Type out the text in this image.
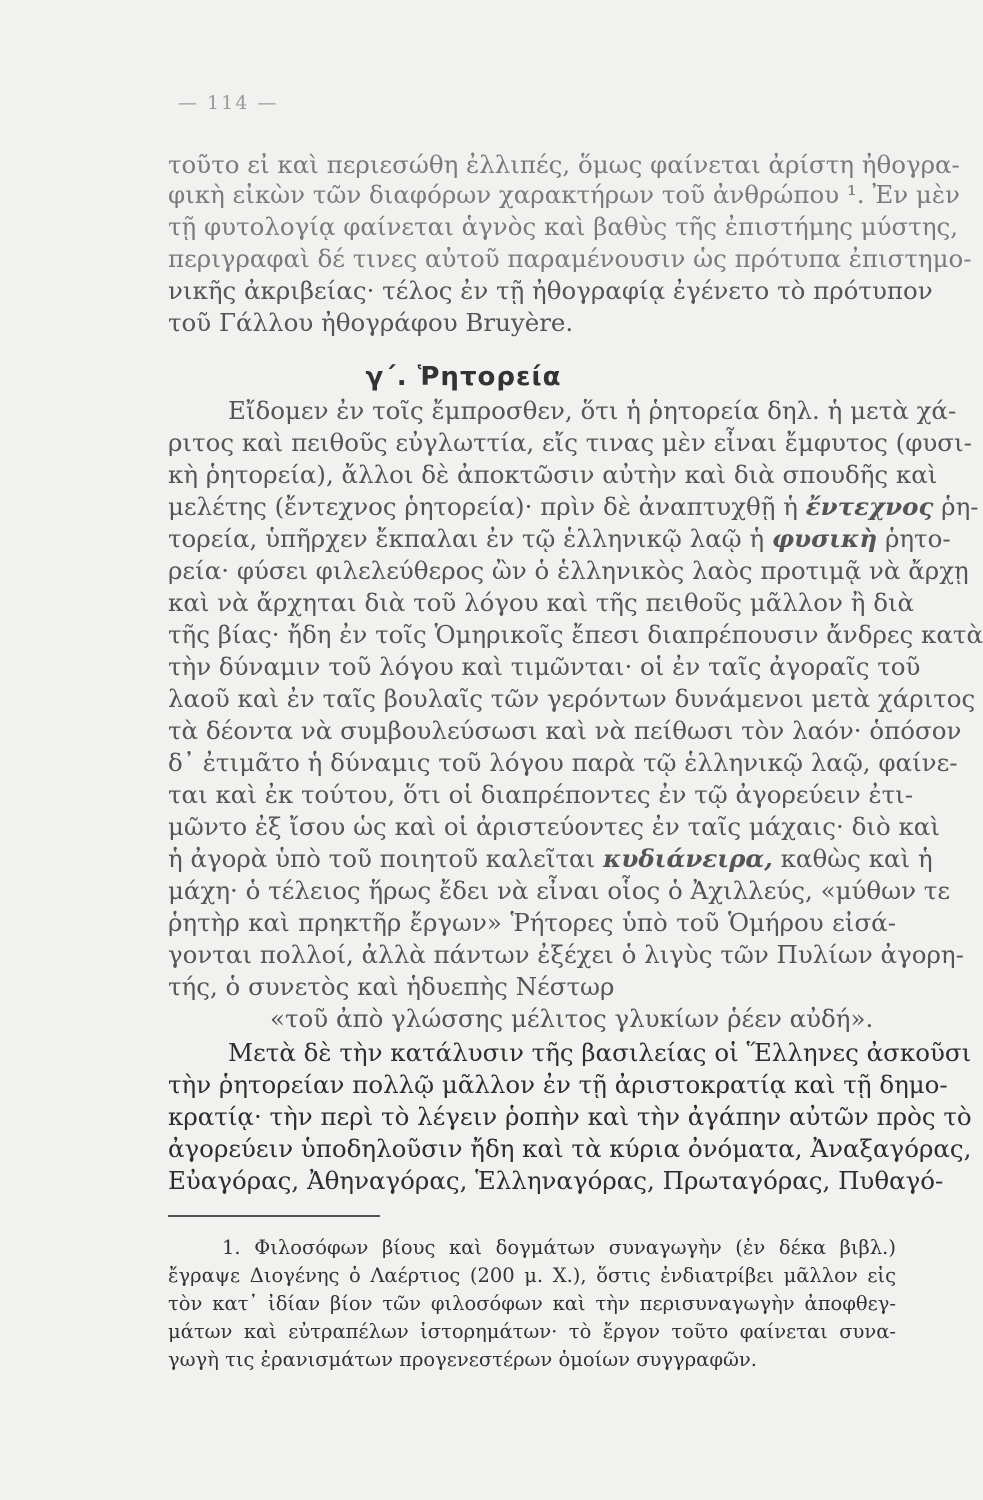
— 114 —
τοῦτο εἰ καὶ περιεσώθη ἐλλιπές, ὅμως φαίνεται ἀρίστη ἠθογρα-
φικὴ εἰκὼν τῶν διαφόρων χαρακτήρων τοῦ ἀνθρώπου ¹. Ἐν μὲν
τῇ φυτολογίᾳ φαίνεται ἁγνὸς καὶ βαθὺς τῆς ἐπιστήμης μύστης,
περιγραφαὶ δέ τινες αὐτοῦ παραμένουσιν ὡς πρότυπα ἐπιστημο-
νικῆς ἀκριβείας· τέλος ἐν τῇ ἠθογραφίᾳ ἐγένετο τὸ πρότυπον
τοῦ Γάλλου ἠθογράφου Bruyère.
γ΄. Ῥητορεία
Εἴδομεν ἐν τοῖς ἔμπροσθεν, ὅτι ἡ ῥητορεία δηλ. ἡ μετὰ χά-
ριτος καὶ πειθοῦς εὐγλωττία, εἴς τινας μὲν εἶναι ἔμφυτος (φυσι-
κὴ ῥητορεία), ἄλλοι δὲ ἀποκτῶσιν αὐτὴν καὶ διὰ σπουδῆς καὶ
μελέτης (ἔντεχνος ῥητορεία)· πρὶν δὲ ἀναπτυχθῇ ἡ ἔντεχνος ῥη-
τορεία, ὑπῆρχεν ἔκπαλαι ἐν τῷ ἑλληνικῷ λαῷ ἡ φυσικὴ ῥητο-
ρεία· φύσει φιλελεύθερος ὢν ὁ ἑλληνικὸς λαὸς προτιμᾷ νὰ ἄρχῃ
καὶ νὰ ἄρχηται διὰ τοῦ λόγου καὶ τῆς πειθοῦς μᾶλλον ἢ διὰ
τῆς βίας· ἤδη ἐν τοῖς Ὁμηρικοῖς ἔπεσι διαπρέπουσιν ἄνδρες κατὰ
τὴν δύναμιν τοῦ λόγου καὶ τιμῶνται· οἱ ἐν ταῖς ἀγοραῖς τοῦ
λαοῦ καὶ ἐν ταῖς βουλαῖς τῶν γερόντων δυνάμενοι μετὰ χάριτος
τὰ δέοντα νὰ συμβουλεύσωσι καὶ νὰ πείθωσι τὸν λαόν· ὁπόσον
δ᾽ ἐτιμᾶτο ἡ δύναμις τοῦ λόγου παρὰ τῷ ἑλληνικῷ λαῷ, φαίνε-
ται καὶ ἐκ τούτου, ὅτι οἱ διαπρέποντες ἐν τῷ ἀγορεύειν ἐτι-
μῶντο ἐξ ἴσου ὡς καὶ οἱ ἀριστεύοντες ἐν ταῖς μάχαις· διὸ καὶ
ἡ ἀγορὰ ὑπὸ τοῦ ποιητοῦ καλεῖται κυδιάνειρα, καθὼς καὶ ἡ
μάχη· ὁ τέλειος ἥρως ἔδει νὰ εἶναι οἷος ὁ Ἀχιλλεύς, «μύθων τε
ῥητὴρ καὶ πρηκτῆρ ἔργων» Ῥήτορες ὑπὸ τοῦ Ὁμήρου εἰσά-
γονται πολλοί, ἀλλὰ πάντων ἐξέχει ὁ λιγὺς τῶν Πυλίων ἀγορη-
τής, ὁ συνετὸς καὶ ἡδυεπὴς Νέστωρ
«τοῦ ἀπὸ γλώσσης μέλιτος γλυκίων ῥέεν αὐδή».
Μετὰ δὲ τὴν κατάλυσιν τῆς βασιλείας οἱ Ἕλληνες ἀσκοῦσι
τὴν ῥητορείαν πολλῷ μᾶλλον ἐν τῇ ἀριστοκρατίᾳ καὶ τῇ δημο-
κρατίᾳ· τὴν περὶ τὸ λέγειν ῥοπὴν καὶ τὴν ἀγάπην αὐτῶν πρὸς τὸ
ἀγορεύειν ὑποδηλοῦσιν ἤδη καὶ τὰ κύρια ὀνόματα, Ἀναξαγόρας,
Εὐαγόρας, Ἀθηναγόρας, Ἑλληναγόρας, Πρωταγόρας, Πυθαγό-
1. Φιλοσόφων βίους καὶ δογμάτων συναγωγὴν (ἐν δέκα βιβλ.)
ἔγραψε Διογένης ὁ Λαέρτιος (200 μ. Χ.), ὅστις ἐνδιατρίβει μᾶλλον εἰς
τὸν κατ᾽ ἰδίαν βίον τῶν φιλοσόφων καὶ τὴν περισυναγωγὴν ἀποφθεγ-
μάτων καὶ εὐτραπέλων ἱστορημάτων· τὸ ἔργον τοῦτο φαίνεται συνα-
γωγὴ τις ἐρανισμάτων προγενεστέρων ὁμοίων συγγραφῶν.
